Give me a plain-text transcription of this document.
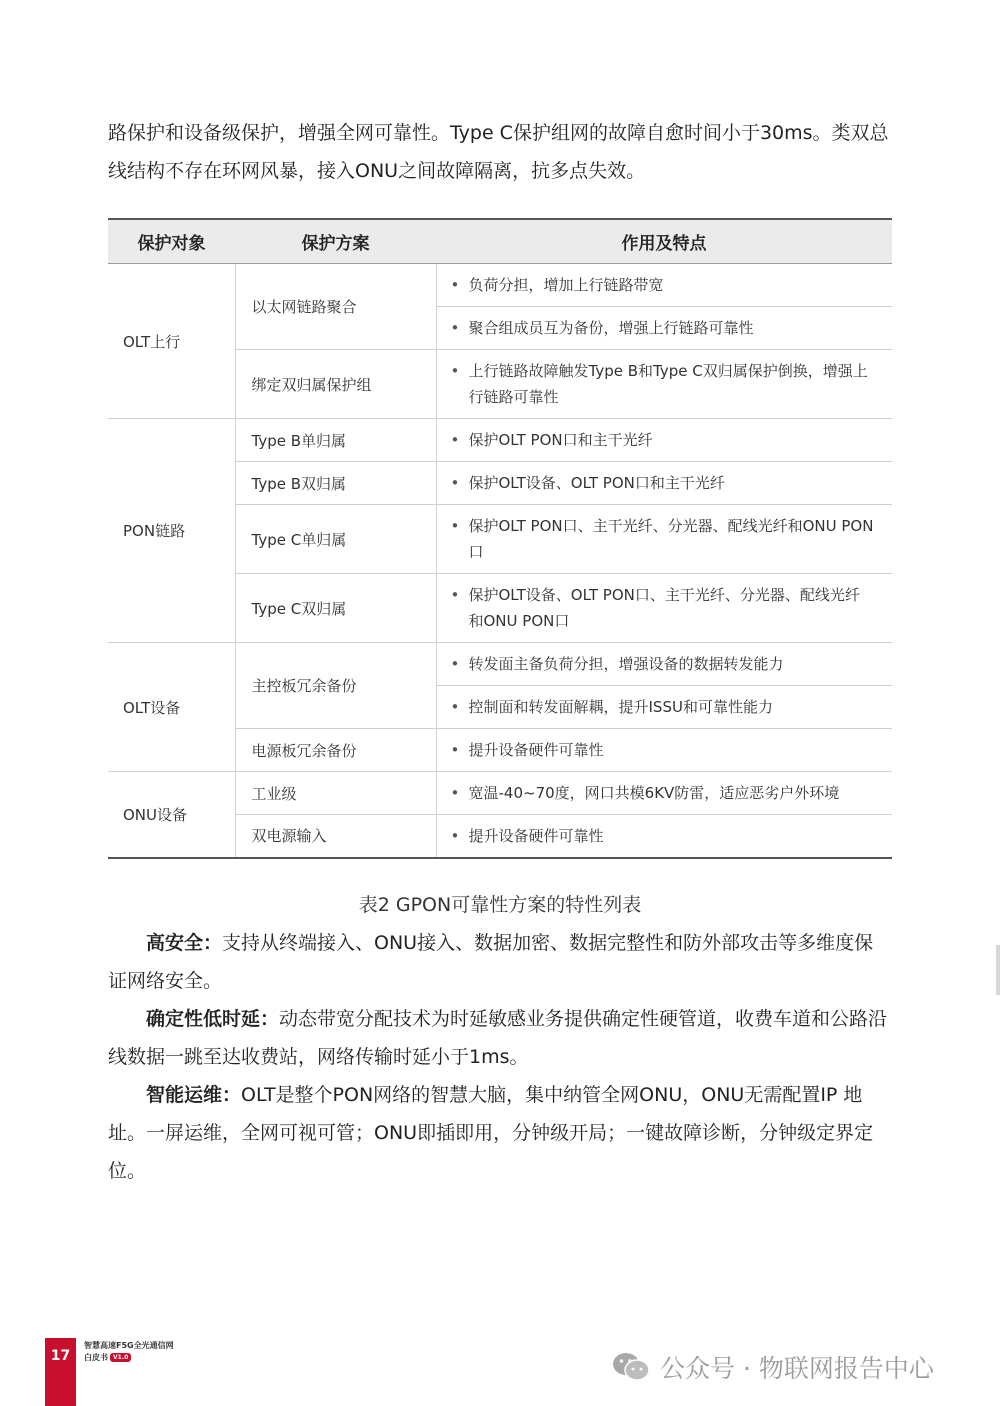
路保护和设备级保护，增强全网可靠性。Type C保护组网的故障自愈时间小于30ms。类双总线结构不存在环网风暴，接入ONU之间故障隔离，抗多点失效。

保护对象	保护方案	作用及特点
OLT上行	以太网链路聚合	• 负荷分担，增加上行链路带宽

		• 聚合组成员互为备份，增强上行链路可靠性

	绑定双归属保护组	• 上行链路故障触发Type B和Type C双归属保护倒换，增强上行链路可靠性

PON链路	Type B单归属	• 保护OLT PON口和主干光纤

	Type B双归属	• 保护OLT设备、OLT PON口和主干光纤

	Type C单归属	• 保护OLT PON口、主干光纤、分光器、配线光纤和ONU PON口

	Type C双归属	• 保护OLT设备、OLT PON口、主干光纤、分光器、配线光纤和ONU PON口

OLT设备	主控板冗余备份	• 转发面主备负荷分担，增强设备的数据转发能力

		• 控制面和转发面解耦，提升ISSU和可靠性能力

	电源板冗余备份	• 提升设备硬件可靠性

ONU设备	工业级	• 宽温-40~70度，网口共模6KV防雷，适应恶劣户外环境

	双电源输入	• 提升设备硬件可靠性
表2 GPON可靠性方案的特性列表

高安全：支持从终端接入、ONU接入、数据加密、数据完整性和防外部攻击等多维度保证网络安全。

确定性低时延：动态带宽分配技术为时延敏感业务提供确定性硬管道，收费车道和公路沿线数据一跳至达收费站，网络传输时延小于1ms。

智能运维：OLT是整个PON网络的智慧大脑，集中纳管全网ONU，ONU无需配置IP 地址。一屏运维，全网可视可管；ONU即插即用，分钟级开局；一键故障诊断，分钟级定界定位。

17
智慧高速F5G全光通信网
白皮书 V1.0	公众号 · 物联网报告中心
